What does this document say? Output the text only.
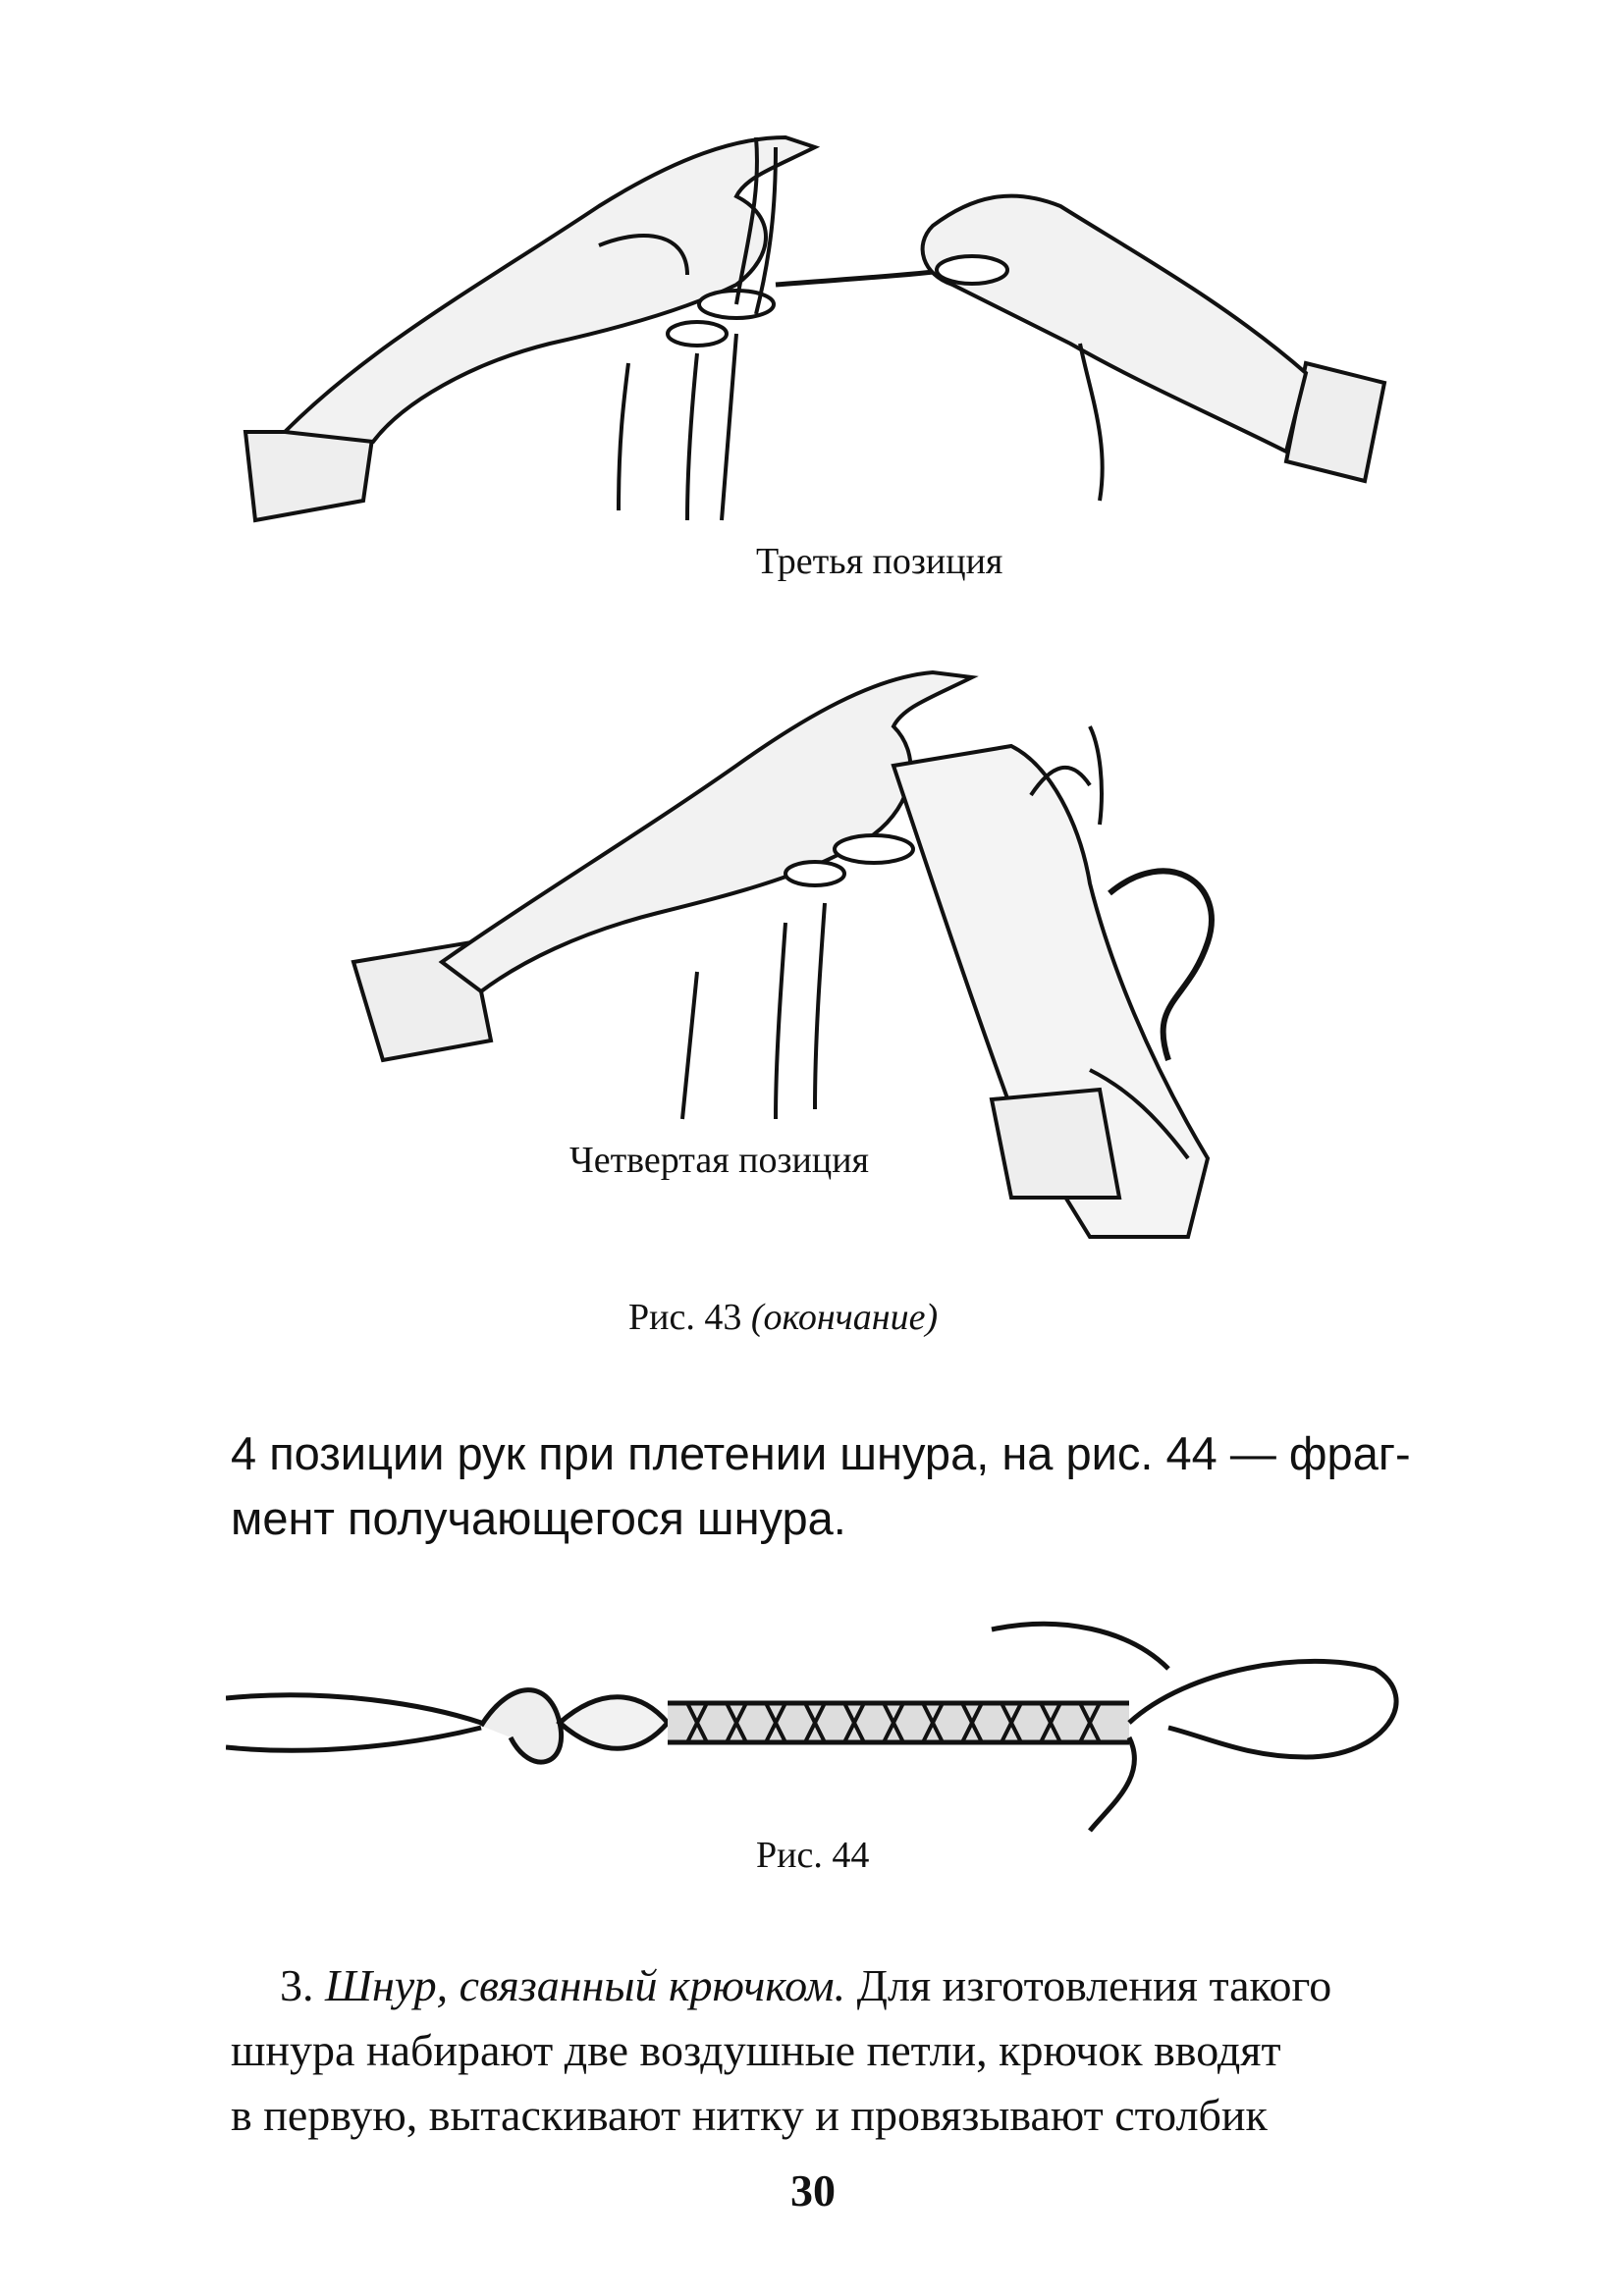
Третья позиция
Четвертая позиция
Рис. 43 (окончание)
4 позиции рук при плетении шнура, на рис. 44 — фраг-
мент получающегося шнура.
Рис. 44
3. Шнур, связанный крючком. Для изготовления такого
шнура набирают две воздушные петли, крючок вводят
в первую, вытаскивают нитку и провязывают столбик
30
